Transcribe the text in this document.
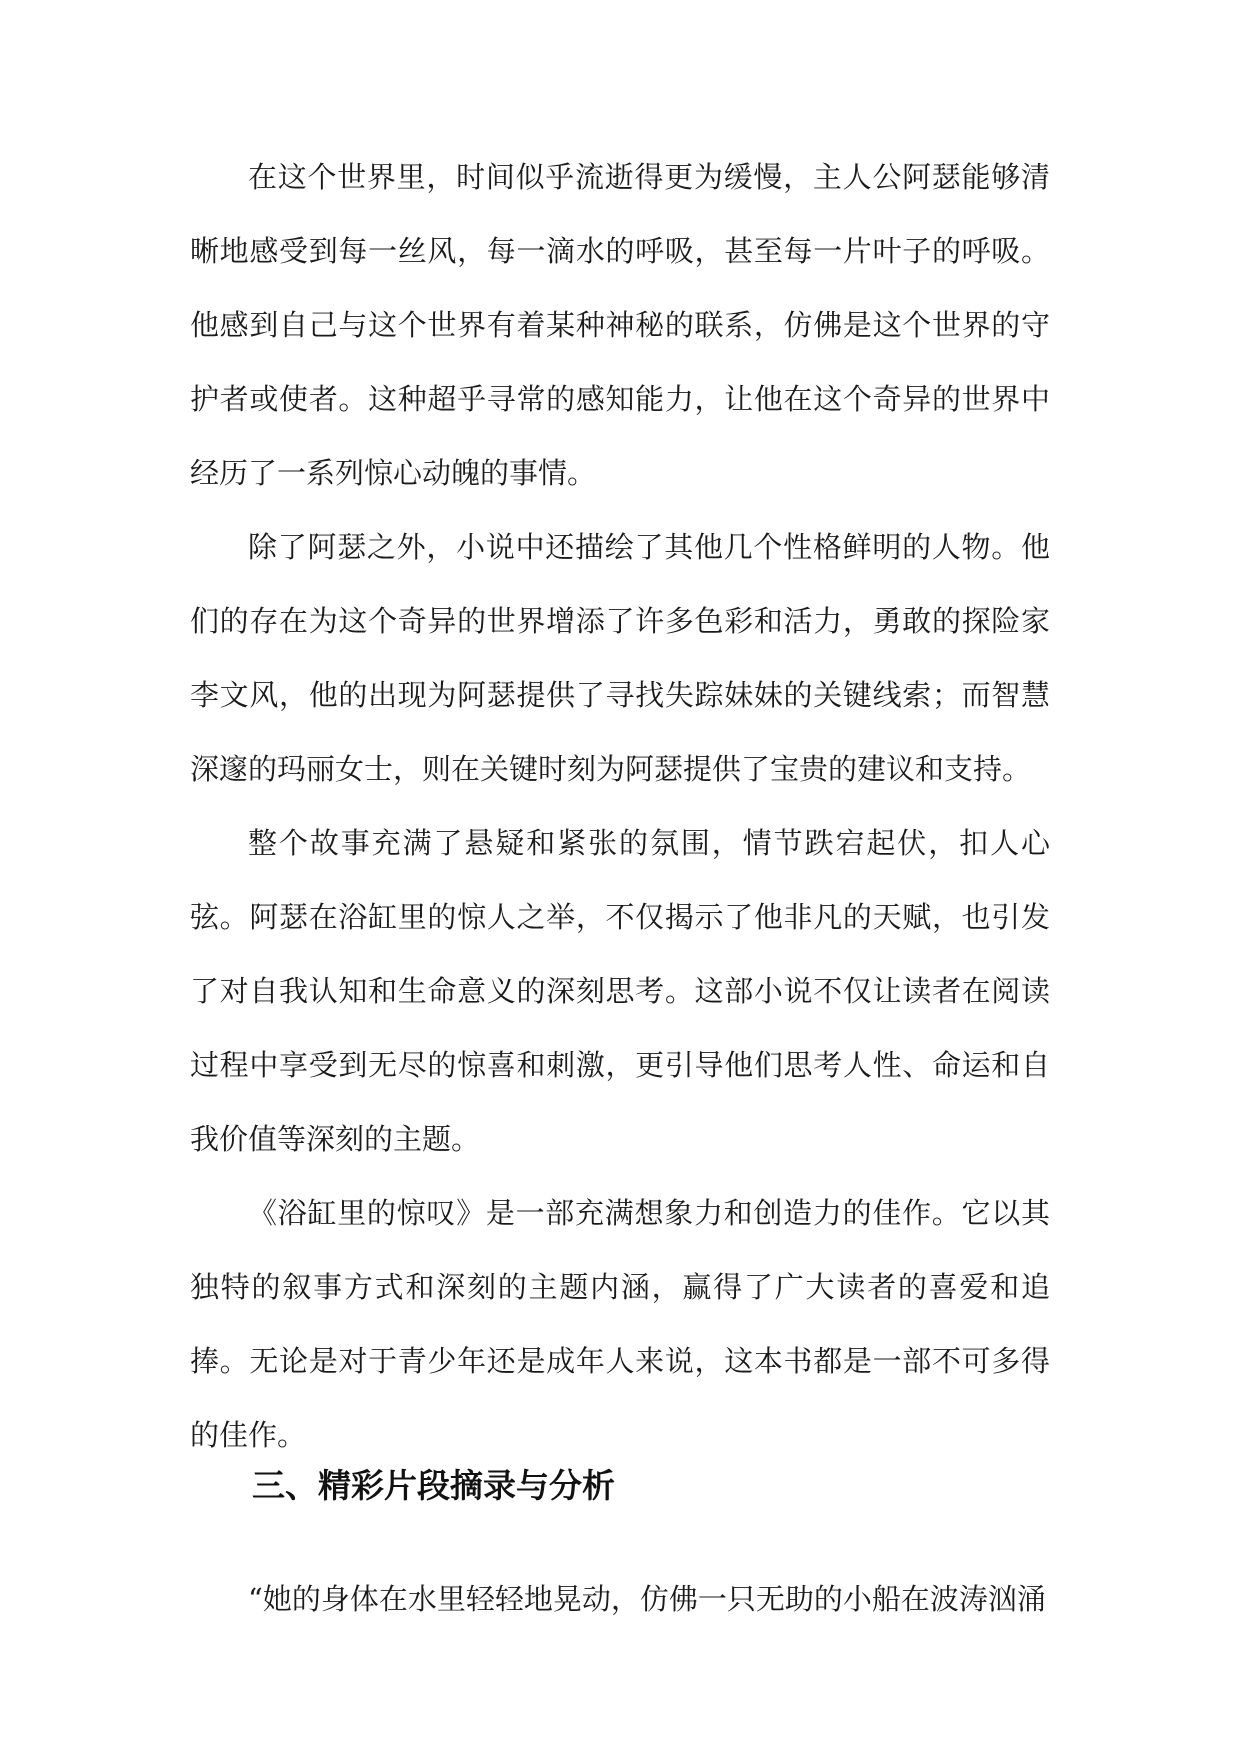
在这个世界里，时间似乎流逝得更为缓慢，主人公阿瑟能够清晰地感受到每一丝风，每一滴水的呼吸，甚至每一片叶子的呼吸。他感到自己与这个世界有着某种神秘的联系，仿佛是这个世界的守护者或使者。这种超乎寻常的感知能力，让他在这个奇异的世界中经历了一系列惊心动魄的事情。

除了阿瑟之外，小说中还描绘了其他几个性格鲜明的人物。他们的存在为这个奇异的世界增添了许多色彩和活力，勇敢的探险家李文风，他的出现为阿瑟提供了寻找失踪妹妹的关键线索；而智慧深邃的玛丽女士，则在关键时刻为阿瑟提供了宝贵的建议和支持。

整个故事充满了悬疑和紧张的氛围，情节跌宕起伏，扣人心弦。阿瑟在浴缸里的惊人之举，不仅揭示了他非凡的天赋，也引发了对自我认知和生命意义的深刻思考。这部小说不仅让读者在阅读过程中享受到无尽的惊喜和刺激，更引导他们思考人性、命运和自我价值等深刻的主题。

《浴缸里的惊叹》是一部充满想象力和创造力的佳作。它以其独特的叙事方式和深刻的主题内涵，赢得了广大读者的喜爱和追捧。无论是对于青少年还是成年人来说，这本书都是一部不可多得的佳作。

三、精彩片段摘录与分析

“她的身体在水里轻轻地晃动，仿佛一只无助的小船在波涛汹涌
